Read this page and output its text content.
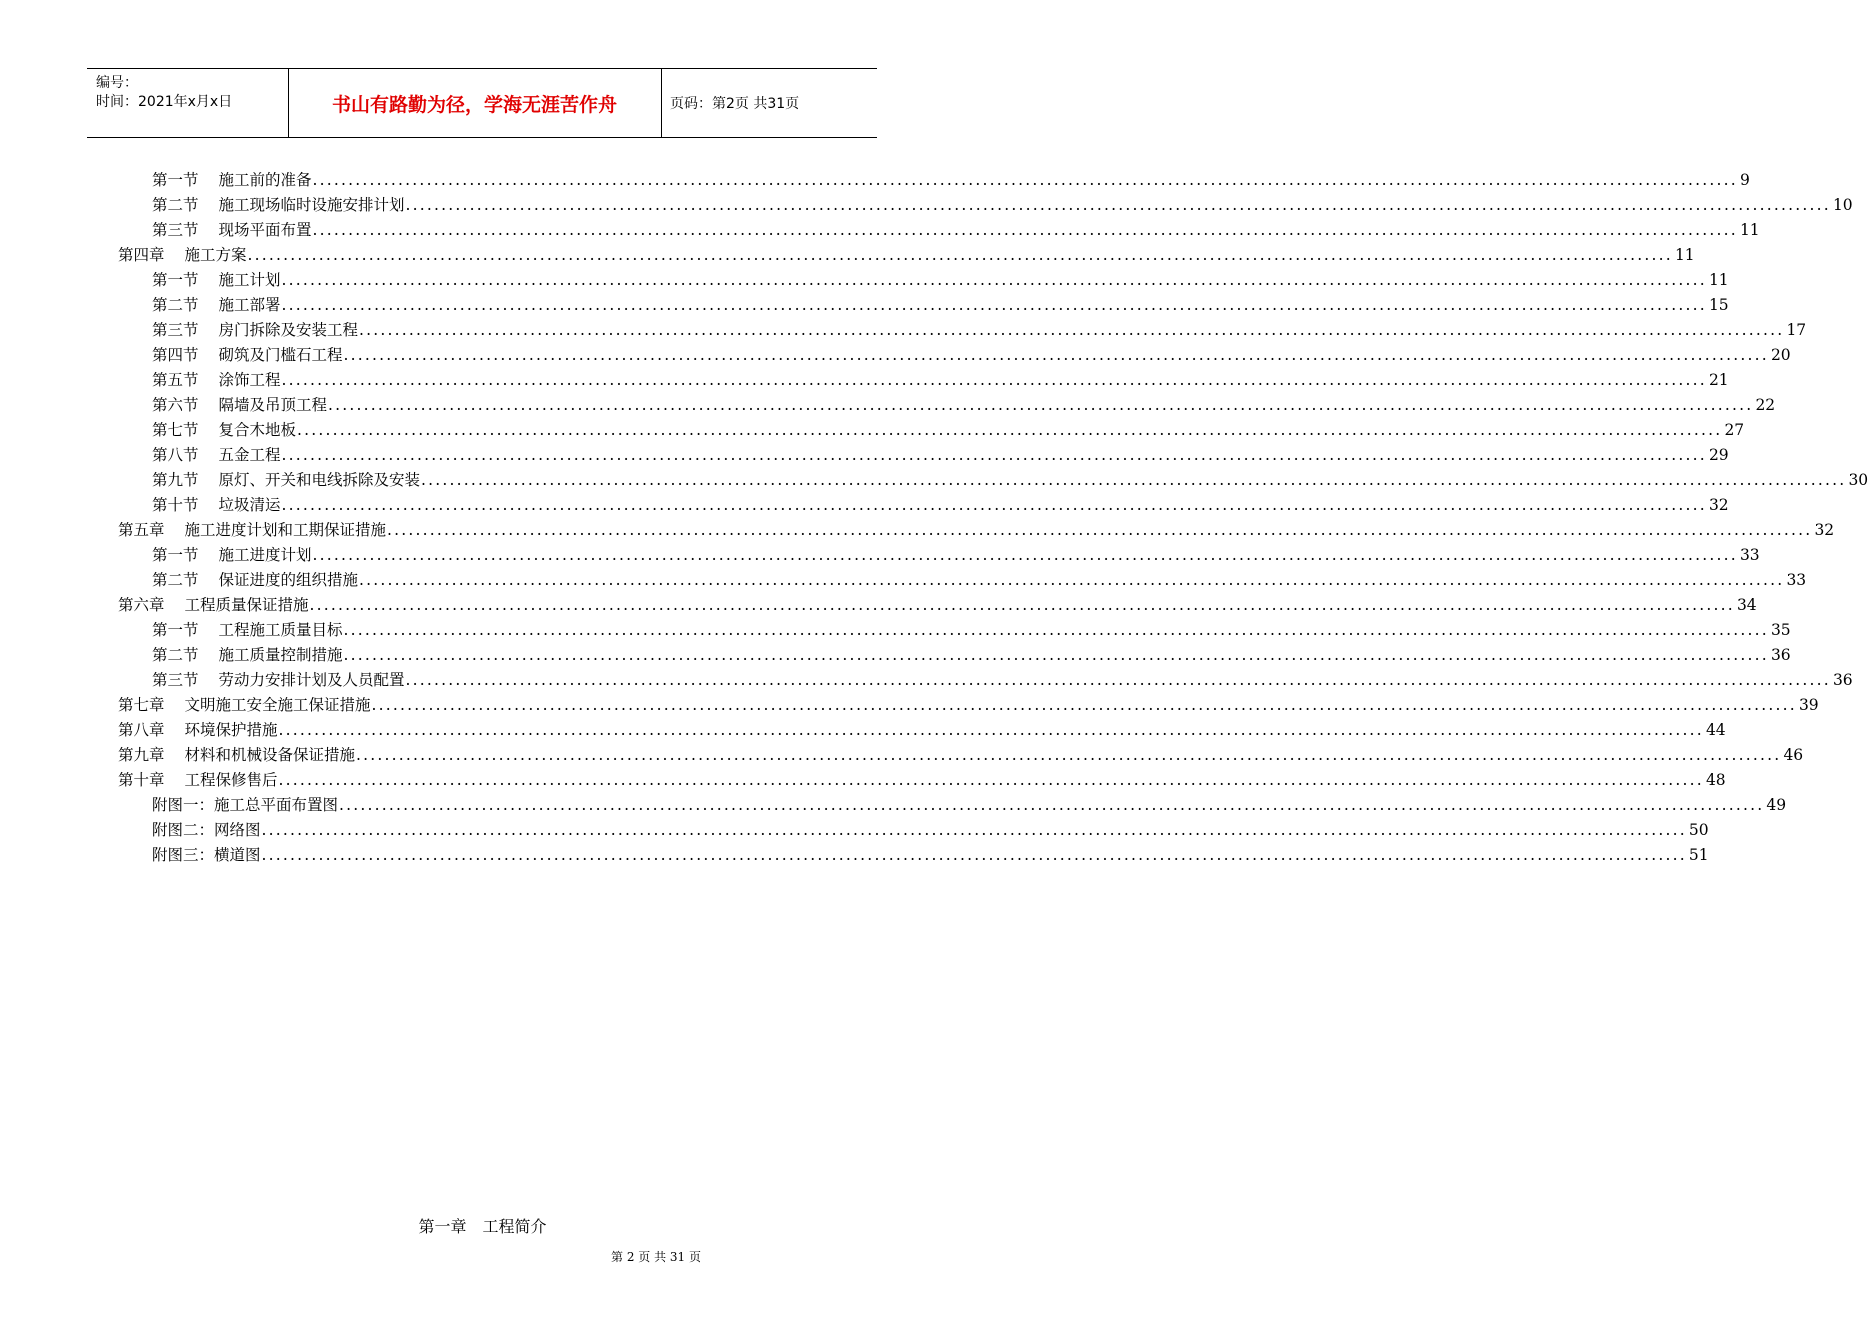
编号：
时间：2021年x月x日	书山有路勤为径，学海无涯苦作舟	页码：第2页 共31页
第一节 施工前的准备 ........................................................................................................................................................................................................ 9
第二节 施工现场临时设施安排计划 ........................................................................................................................................................................................................ 10
第三节 现场平面布置 ........................................................................................................................................................................................................ 11
第四章 施工方案 ........................................................................................................................................................................................................ 11
第一节 施工计划 ........................................................................................................................................................................................................ 11
第二节 施工部署 ........................................................................................................................................................................................................ 15
第三节 房门拆除及安装工程 ........................................................................................................................................................................................................ 17
第四节 砌筑及门槛石工程 ........................................................................................................................................................................................................ 20
第五节 涂饰工程 ........................................................................................................................................................................................................ 21
第六节 隔墙及吊顶工程 ........................................................................................................................................................................................................ 22
第七节 复合木地板 ........................................................................................................................................................................................................ 27
第八节 五金工程 ........................................................................................................................................................................................................ 29
第九节 原灯、开关和电线拆除及安装 ........................................................................................................................................................................................................ 30
第十节 垃圾清运 ........................................................................................................................................................................................................ 32
第五章 施工进度计划和工期保证措施 ........................................................................................................................................................................................................ 32
第一节 施工进度计划 ........................................................................................................................................................................................................ 33
第二节 保证进度的组织措施 ........................................................................................................................................................................................................ 33
第六章 工程质量保证措施 ........................................................................................................................................................................................................ 34
第一节 工程施工质量目标 ........................................................................................................................................................................................................ 35
第二节 施工质量控制措施 ........................................................................................................................................................................................................ 36
第三节 劳动力安排计划及人员配置 ........................................................................................................................................................................................................ 36
第七章 文明施工安全施工保证措施 ........................................................................................................................................................................................................ 39
第八章 环境保护措施 ........................................................................................................................................................................................................ 44
第九章 材料和机械设备保证措施 ........................................................................................................................................................................................................ 46
第十章 工程保修售后 ........................................................................................................................................................................................................ 48
附图一：施工总平面布置图 ........................................................................................................................................................................................................ 49
附图二：网络图 ........................................................................................................................................................................................................ 50
附图三：横道图 ........................................................................................................................................................................................................ 51
第一章　工程简介
第 2 页 共 31 页
